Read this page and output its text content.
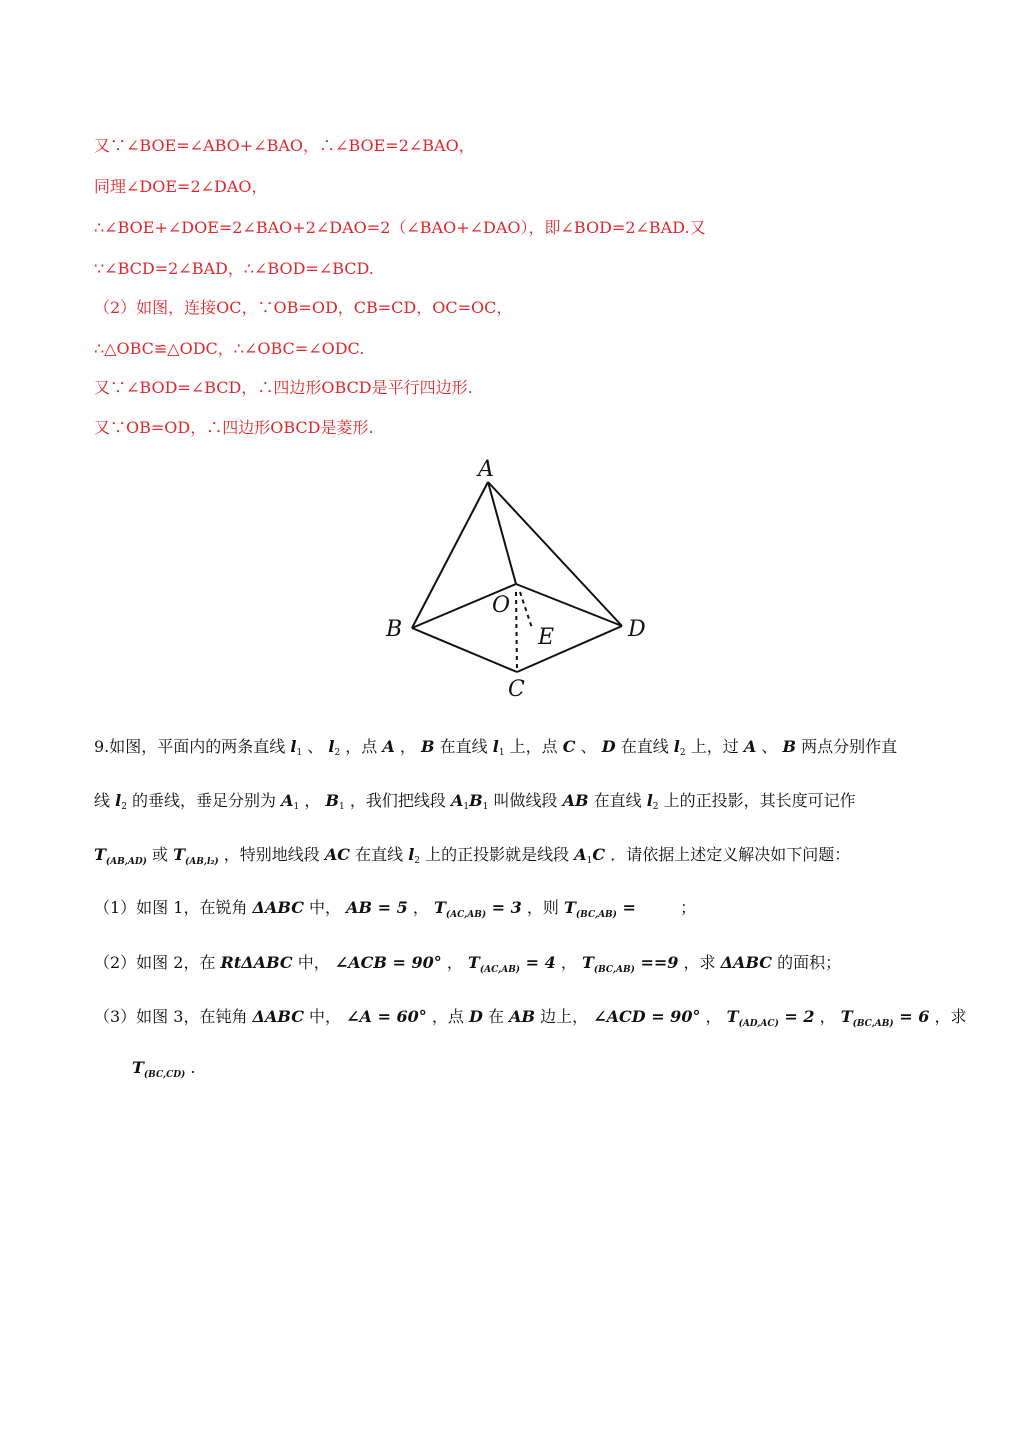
又∵∠BOE=∠ABO+∠BAO，∴∠BOE=2∠BAO，
同理∠DOE=2∠DAO，
∴∠BOE+∠DOE=2∠BAO+2∠DAO=2（∠BAO+∠DAO），即∠BOD=2∠BAD.又
∵∠BCD=2∠BAD，∴∠BOD=∠BCD.
（2）如图，连接OC，∵OB=OD，CB=CD，OC=OC，
∴△OBC≌△ODC，∴∠OBC=∠ODC.
又∵∠BOD=∠BCD，∴四边形OBCD是平行四边形.
又∵OB=OD，∴四边形OBCD是菱形.
A
B
C
D
O
E
9.如图，平面内的两条直线 $l_1$ 、 $l_2$ ，点 A ， B 在直线 $l_1$ 上，点 C 、 D 在直线 $l_2$ 上，过 A 、 B 两点分别作直
线 $l_2$ 的垂线，垂足分别为 $A_1$ ， $B_1$ ，我们把线段 $A_1B_1$ 叫做线段 AB 在直线 $l_2$ 上的正投影，其长度可记作
$T_{(AB,AD)}$ 或 $T_{(AB,l_2)}$ ，特别地线段 AC 在直线 $l_2$ 上的正投影就是线段 $A_1C$ ．请依据上述定义解决如下问题：
（1）如图 1，在锐角 ΔABC 中， AB = 5 ， $T_{(AC,AB)} = 3$ ，则 $T_{(BC,AB)}$ =	；
（2）如图 2，在 RtΔABC 中， ∠ACB = 90° ， $T_{(AC,AB)} = 4$ ， $T_{(BC,AB)} ==9$ ，求 ΔABC 的面积；
（3）如图 3，在钝角 ΔABC 中， ∠A = 60° ，点 D 在 AB 边上， ∠ACD = 90° ， $T_{(AD,AC)} = 2$ ， $T_{(BC,AB)} = 6$ ，求
$T_{(BC,CD)}$ .
